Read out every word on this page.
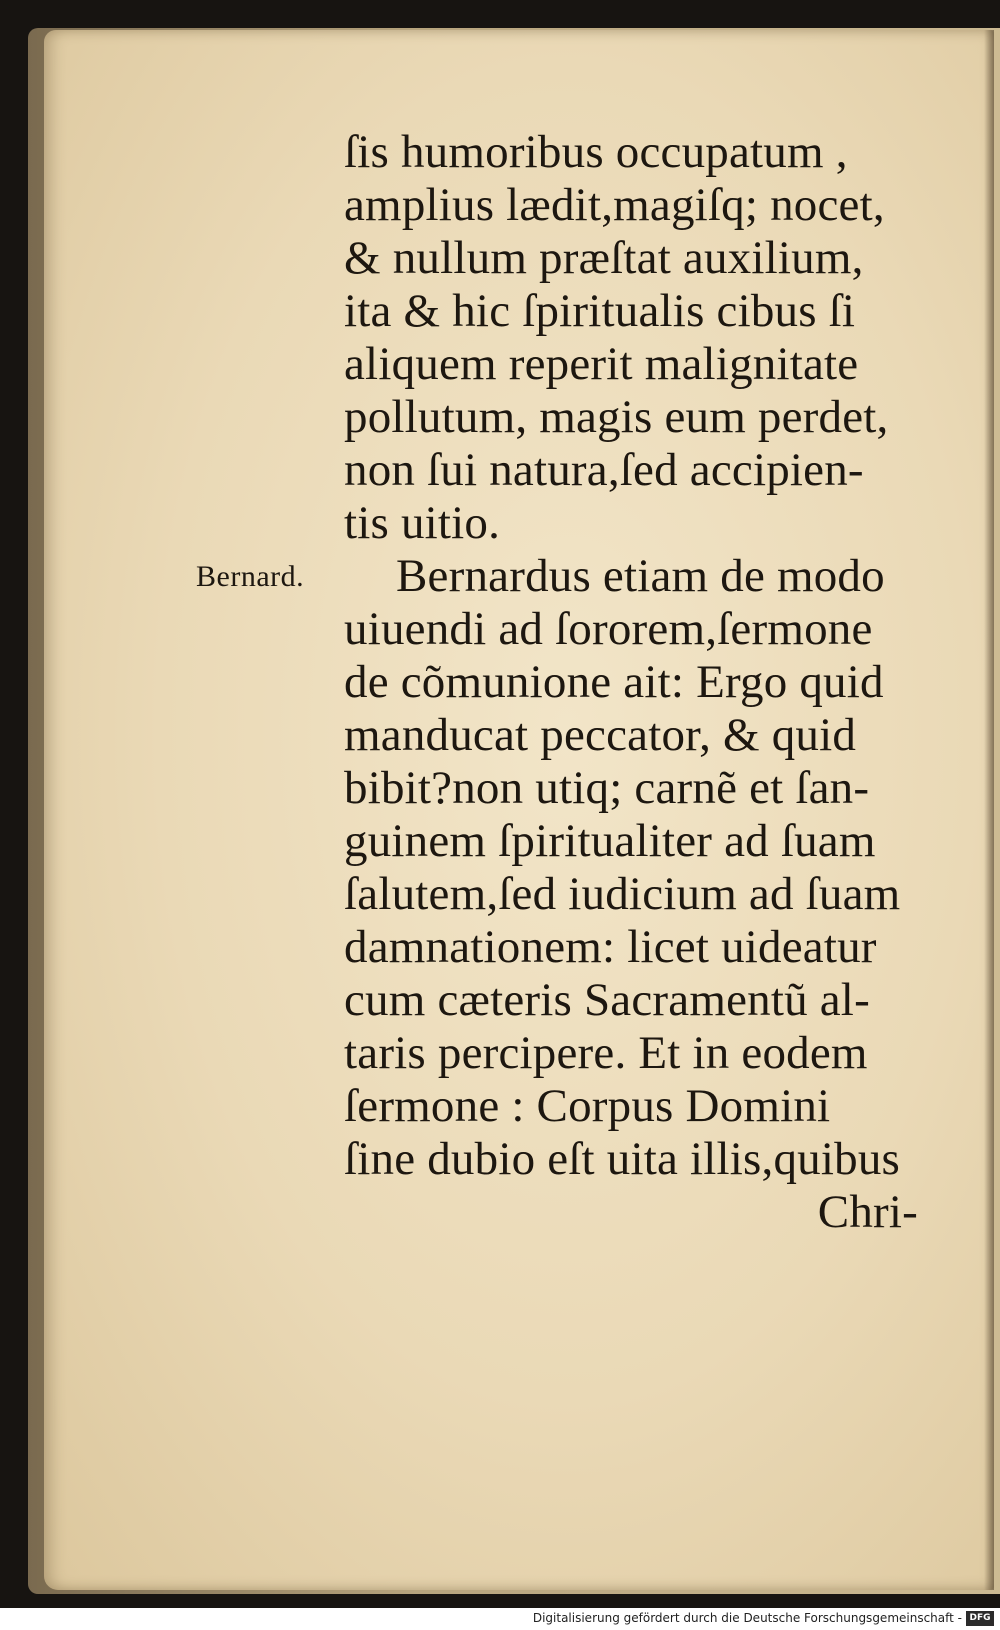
Bernard.
ſis humoribus occupatum ,
amplius lædit,magiſq; nocet,
& nullum præſtat auxilium,
ita & hic ſpiritualis cibus ſi
aliquem reperit malignitate
pollutum, magis eum perdet,
non ſui natura,ſed accipien-
tis uitio.
Bernardus etiam de modo
uiuendi ad ſororem,ſermone
de cõmunione ait: Ergo quid
manducat peccator, & quid
bibit?non utiq; carnẽ et ſan-
guinem ſpiritualiter ad ſuam
ſalutem,ſed iudicium ad ſuam
damnationem: licet uideatur
cum cæteris Sacramentũ al-
taris percipere. Et in eodem
ſermone : Corpus Domini
ſine dubio eſt uita illis,quibus
Chri-
Digitalisierung gefördert durch die Deutsche Forschungsgemeinschaft - DFG
